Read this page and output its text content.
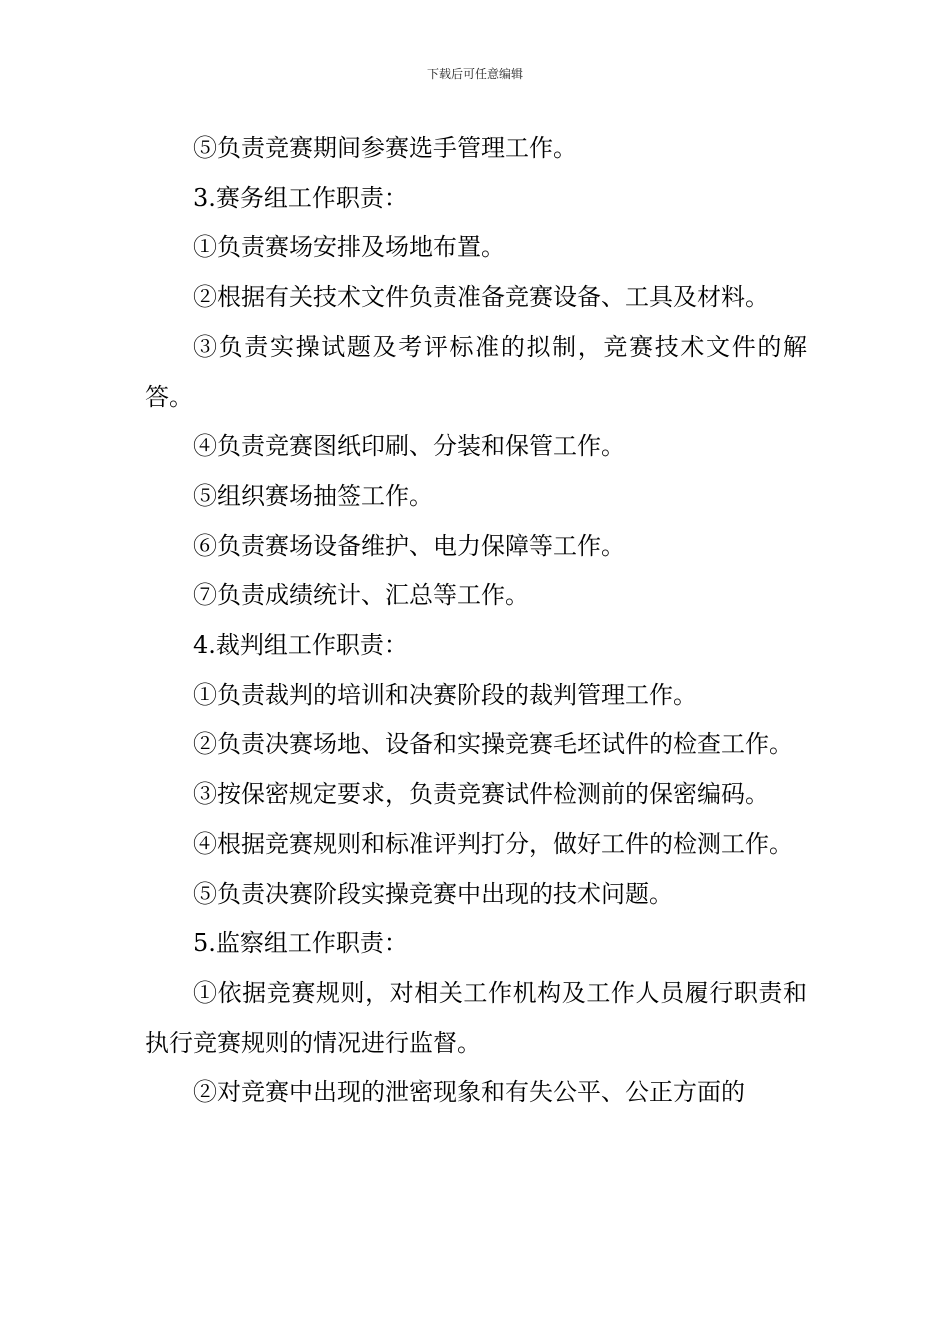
下载后可任意编辑

⑤负责竞赛期间参赛选手管理工作。

3.赛务组工作职责：

①负责赛场安排及场地布置。

②根据有关技术文件负责准备竞赛设备、工具及材料。

③负责实操试题及考评标准的拟制，竞赛技术文件的解答。

④负责竞赛图纸印刷、分装和保管工作。

⑤组织赛场抽签工作。

⑥负责赛场设备维护、电力保障等工作。

⑦负责成绩统计、汇总等工作。

4.裁判组工作职责：

①负责裁判的培训和决赛阶段的裁判管理工作。

②负责决赛场地、设备和实操竞赛毛坯试件的检查工作。

③按保密规定要求，负责竞赛试件检测前的保密编码。

④根据竞赛规则和标准评判打分，做好工件的检测工作。

⑤负责决赛阶段实操竞赛中出现的技术问题。

5.监察组工作职责：

①依据竞赛规则，对相关工作机构及工作人员履行职责和执行竞赛规则的情况进行监督。

②对竞赛中出现的泄密现象和有失公平、公正方面的
